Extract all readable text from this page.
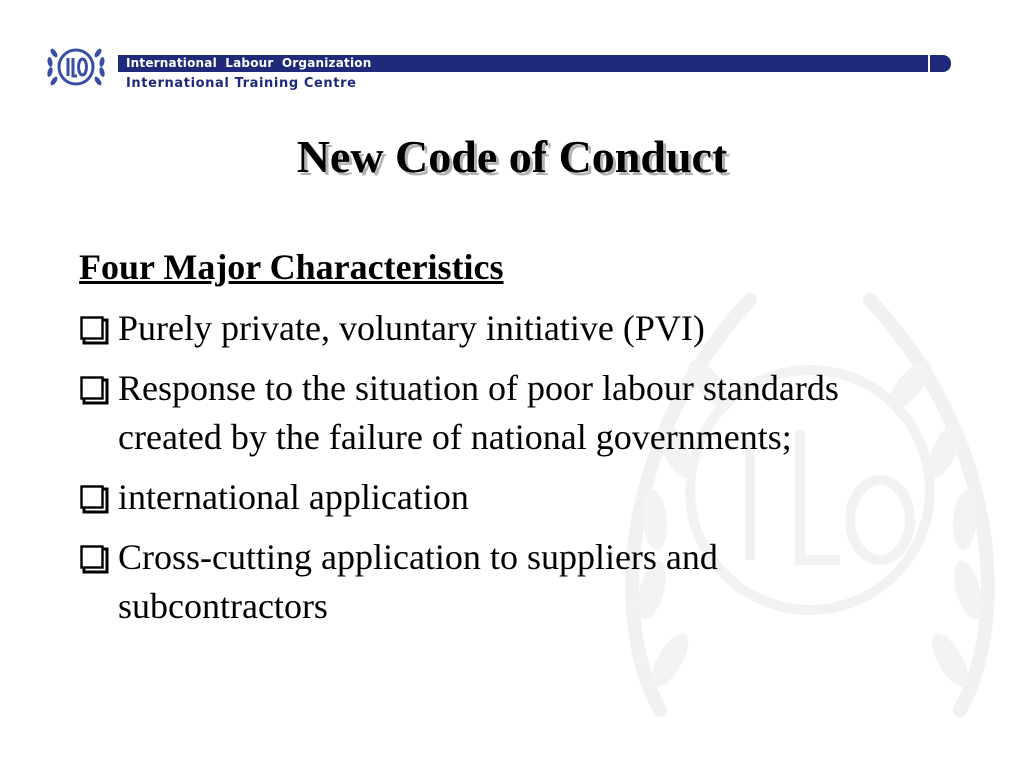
International Labour Organization
International Training Centre
New Code of Conduct
Four Major Characteristics
Purely private, voluntary initiative (PVI)
Response to the situation of poor labour standards created by the failure of national governments;
international application
Cross-cutting application to suppliers and subcontractors
